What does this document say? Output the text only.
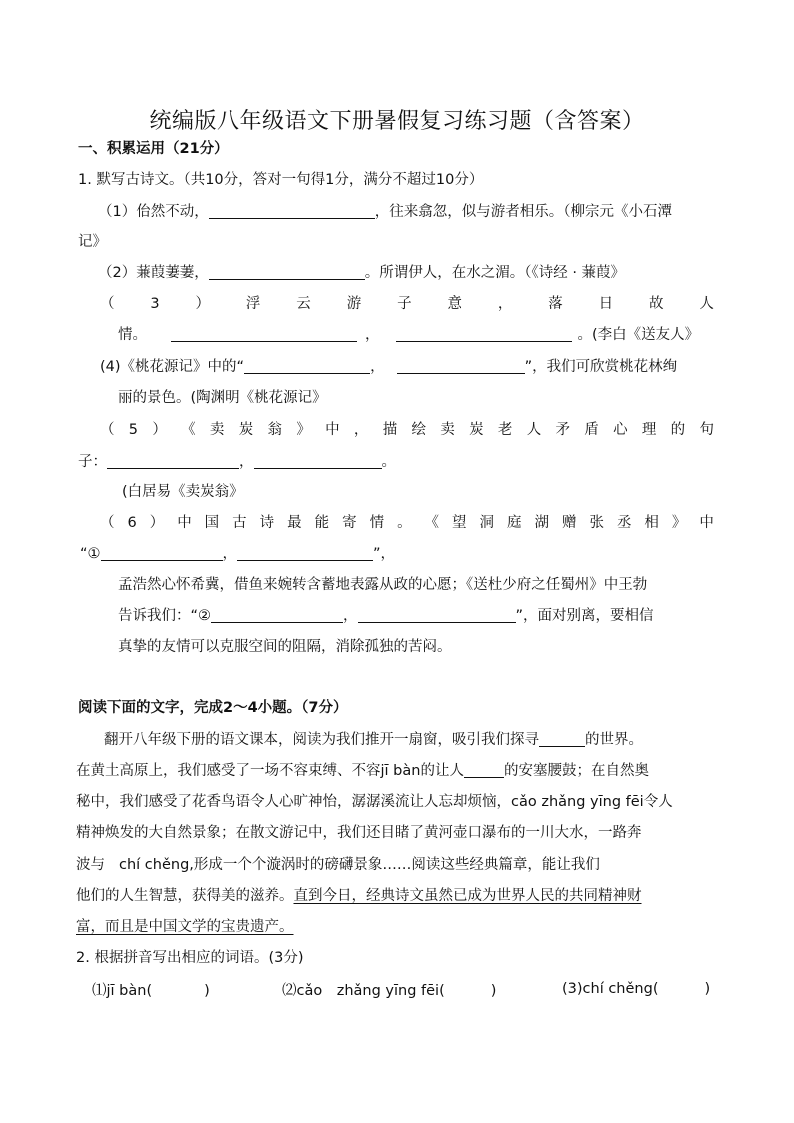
统编版八年级语文下册暑假复习练习题（含答案）
一、积累运用（21分）
1. 默写古诗文。（共10分，答对一句得1分，满分不超过10分）
（1）佁然不动，	，往来翕忽，似与游者相乐。（柳宗元《小石潭
记》
（2）蒹葭萋萋，	。所谓伊人，在水之湄。（《诗经 · 蒹葭》
（ 3 ） 浮 云 游 子 意 ， 落 日 故 人
情。	，	。(李白《送友人》
(4)《桃花源记》中的“	，	”，我们可欣赏桃花林绚
丽的景色。(陶渊明《桃花源记》
（ 5 ） 《 卖 炭 翁 》 中 ， 描 绘 卖 炭 老 人 矛 盾 心 理 的 句
子：	，	。
(白居易《卖炭翁》
（ 6 ） 中 国 古 诗 最 能 寄 情 。 《 望 洞 庭 湖 赠 张 丞 相 》 中
“①	，	”，
孟浩然心怀希冀，借鱼来婉转含蓄地表露从政的心愿；《送杜少府之任蜀州》中王勃
告诉我们：“②	，	”，面对别离，要相信
真挚的友情可以克服空间的阻隔，消除孤独的苦闷。
阅读下面的文字，完成2～4小题。（7分）
翻开八年级下册的语文课本，阅读为我们推开一扇窗，吸引我们探寻	的世界。
在黄土高原上，我们感受了一场不容束缚、不容jī bàn的让人	的安塞腰鼓；在自然奥
秘中，我们感受了花香鸟语令人心旷神怡，潺潺溪流让人忘却烦恼，cǎo zhǎng yīng fēi令人
精神焕发的大自然景象；在散文游记中，我们还目睹了黄河壶口瀑布的一川大水，一路奔
波与 chí chěng,形成一个个漩涡时的磅礴景象……阅读这些经典篇章，能让我们
他们的人生智慧，获得美的滋养。直到今日，经典诗文虽然已成为世界人民的共同精神财
富，而且是中国文学的宝贵遗产。
2. 根据拼音写出相应的词语。(3分)
⑴jī bàn(	)	⑵cǎo　zhǎng yīng fēi(	)	(3)chí chěng(	)
